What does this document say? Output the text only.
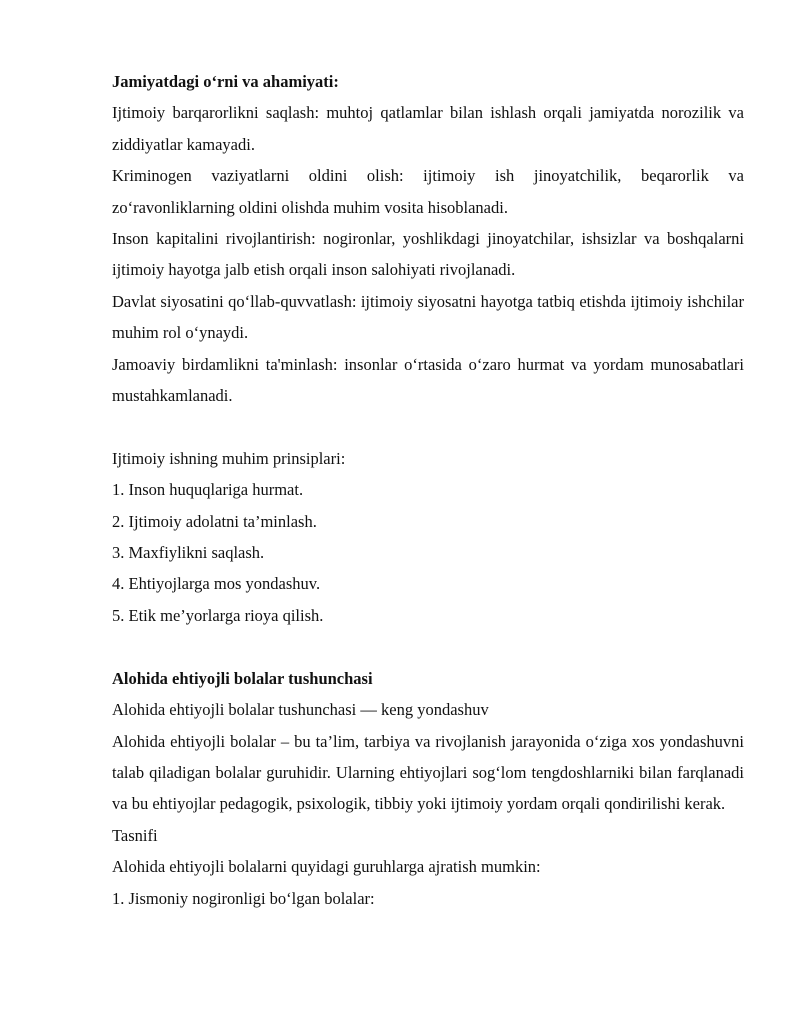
Jamiyatdagi o‘rni va ahamiyati:

Ijtimoiy barqarorlikni saqlash: muhtoj qatlamlar bilan ishlash orqali jamiyatda norozilik va ziddiyatlar kamayadi.

Kriminogen vaziyatlarni oldini olish: ijtimoiy ish jinoyatchilik, beqarorlik va zo‘ravonliklarning oldini olishda muhim vosita hisoblanadi.

Inson kapitalini rivojlantirish: nogironlar, yoshlikdagi jinoyatchilar, ishsizlar va boshqalarni ijtimoiy hayotga jalb etish orqali inson salohiyati rivojlanadi.

Davlat siyosatini qo‘llab-quvvatlash: ijtimoiy siyosatni hayotga tatbiq etishda ijtimoiy ishchilar muhim rol o‘ynaydi.

Jamoaviy birdamlikni ta'minlash: insonlar o‘rtasida o‘zaro hurmat va yordam munosabatlari mustahkamlanadi.

Ijtimoiy ishning muhim prinsiplari:

1. Inson huquqlariga hurmat.

2. Ijtimoiy adolatni ta’minlash.

3. Maxfiylikni saqlash.

4. Ehtiyojlarga mos yondashuv.

5. Etik me’yorlarga rioya qilish.

Alohida ehtiyojli bolalar tushunchasi

Alohida ehtiyojli bolalar tushunchasi — keng yondashuv

Alohida ehtiyojli bolalar – bu ta’lim, tarbiya va rivojlanish jarayonida o‘ziga xos yondashuvni talab qiladigan bolalar guruhidir. Ularning ehtiyojlari sog‘lom tengdoshlarniki bilan farqlanadi va bu ehtiyojlar pedagogik, psixologik, tibbiy yoki ijtimoiy yordam orqali qondirilishi kerak.

Tasnifi

Alohida ehtiyojli bolalarni quyidagi guruhlarga ajratish mumkin:

1. Jismoniy nogironligi bo‘lgan bolalar:
